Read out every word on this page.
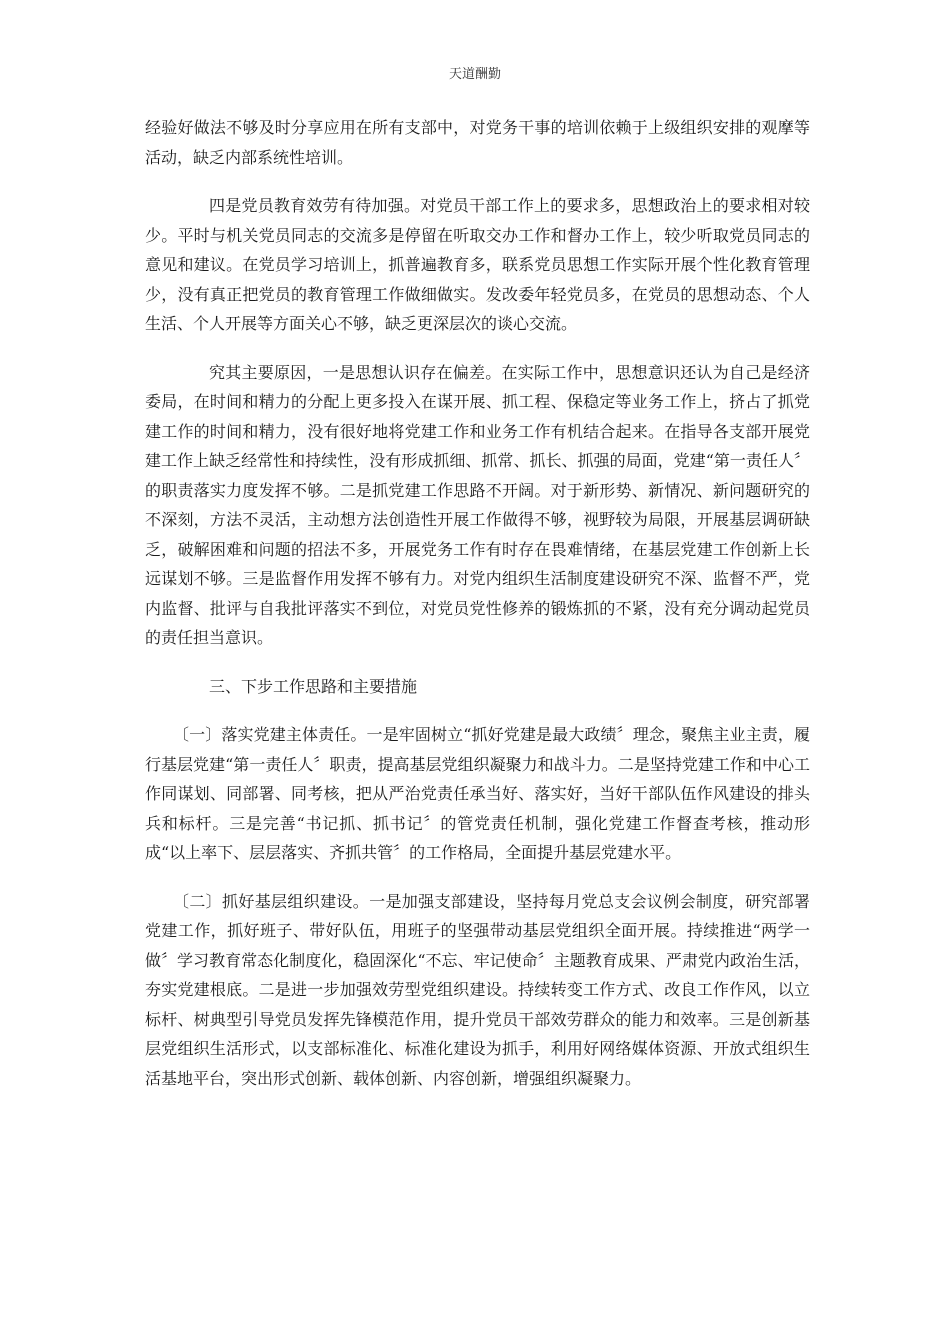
天道酬勤

经验好做法不够及时分享应用在所有支部中，对党务干事的培训依赖于上级组织安排的观摩等活动，缺乏内部系统性培训。

四是党员教育效劳有待加强。对党员干部工作上的要求多，思想政治上的要求相对较少。平时与机关党员同志的交流多是停留在听取交办工作和督办工作上，较少听取党员同志的意见和建议。在党员学习培训上，抓普遍教育多，联系党员思想工作实际开展个性化教育管理少，没有真正把党员的教育管理工作做细做实。发改委年轻党员多，在党员的思想动态、个人生活、个人开展等方面关心不够，缺乏更深层次的谈心交流。

究其主要原因，一是思想认识存在偏差。在实际工作中，思想意识还认为自己是经济委局，在时间和精力的分配上更多投入在谋开展、抓工程、保稳定等业务工作上，挤占了抓党建工作的时间和精力，没有很好地将党建工作和业务工作有机结合起来。在指导各支部开展党建工作上缺乏经常性和持续性，没有形成抓细、抓常、抓长、抓强的局面，党建“第一责任人〞的职责落实力度发挥不够。二是抓党建工作思路不开阔。对于新形势、新情况、新问题研究的不深刻，方法不灵活，主动想方法创造性开展工作做得不够，视野较为局限，开展基层调研缺乏，破解困难和问题的招法不多，开展党务工作有时存在畏难情绪，在基层党建工作创新上长远谋划不够。三是监督作用发挥不够有力。对党内组织生活制度建设研究不深、监督不严，党内监督、批评与自我批评落实不到位，对党员党性修养的锻炼抓的不紧，没有充分调动起党员的责任担当意识。

三、下步工作思路和主要措施

〔一〕落实党建主体责任。一是牢固树立“抓好党建是最大政绩〞理念，聚焦主业主责，履行基层党建“第一责任人〞职责，提高基层党组织凝聚力和战斗力。二是坚持党建工作和中心工作同谋划、同部署、同考核，把从严治党责任承当好、落实好，当好干部队伍作风建设的排头兵和标杆。三是完善“书记抓、抓书记〞的管党责任机制，强化党建工作督查考核，推动形成“以上率下、层层落实、齐抓共管〞的工作格局，全面提升基层党建水平。

〔二〕抓好基层组织建设。一是加强支部建设，坚持每月党总支会议例会制度，研究部署党建工作，抓好班子、带好队伍，用班子的坚强带动基层党组织全面开展。持续推进“两学一做〞学习教育常态化制度化，稳固深化“不忘、牢记使命〞主题教育成果、严肃党内政治生活，夯实党建根底。二是进一步加强效劳型党组织建设。持续转变工作方式、改良工作作风，以立标杆、树典型引导党员发挥先锋模范作用，提升党员干部效劳群众的能力和效率。三是创新基层党组织生活形式，以支部标准化、标准化建设为抓手，利用好网络媒体资源、开放式组织生活基地平台，突出形式创新、载体创新、内容创新，增强组织凝聚力。
